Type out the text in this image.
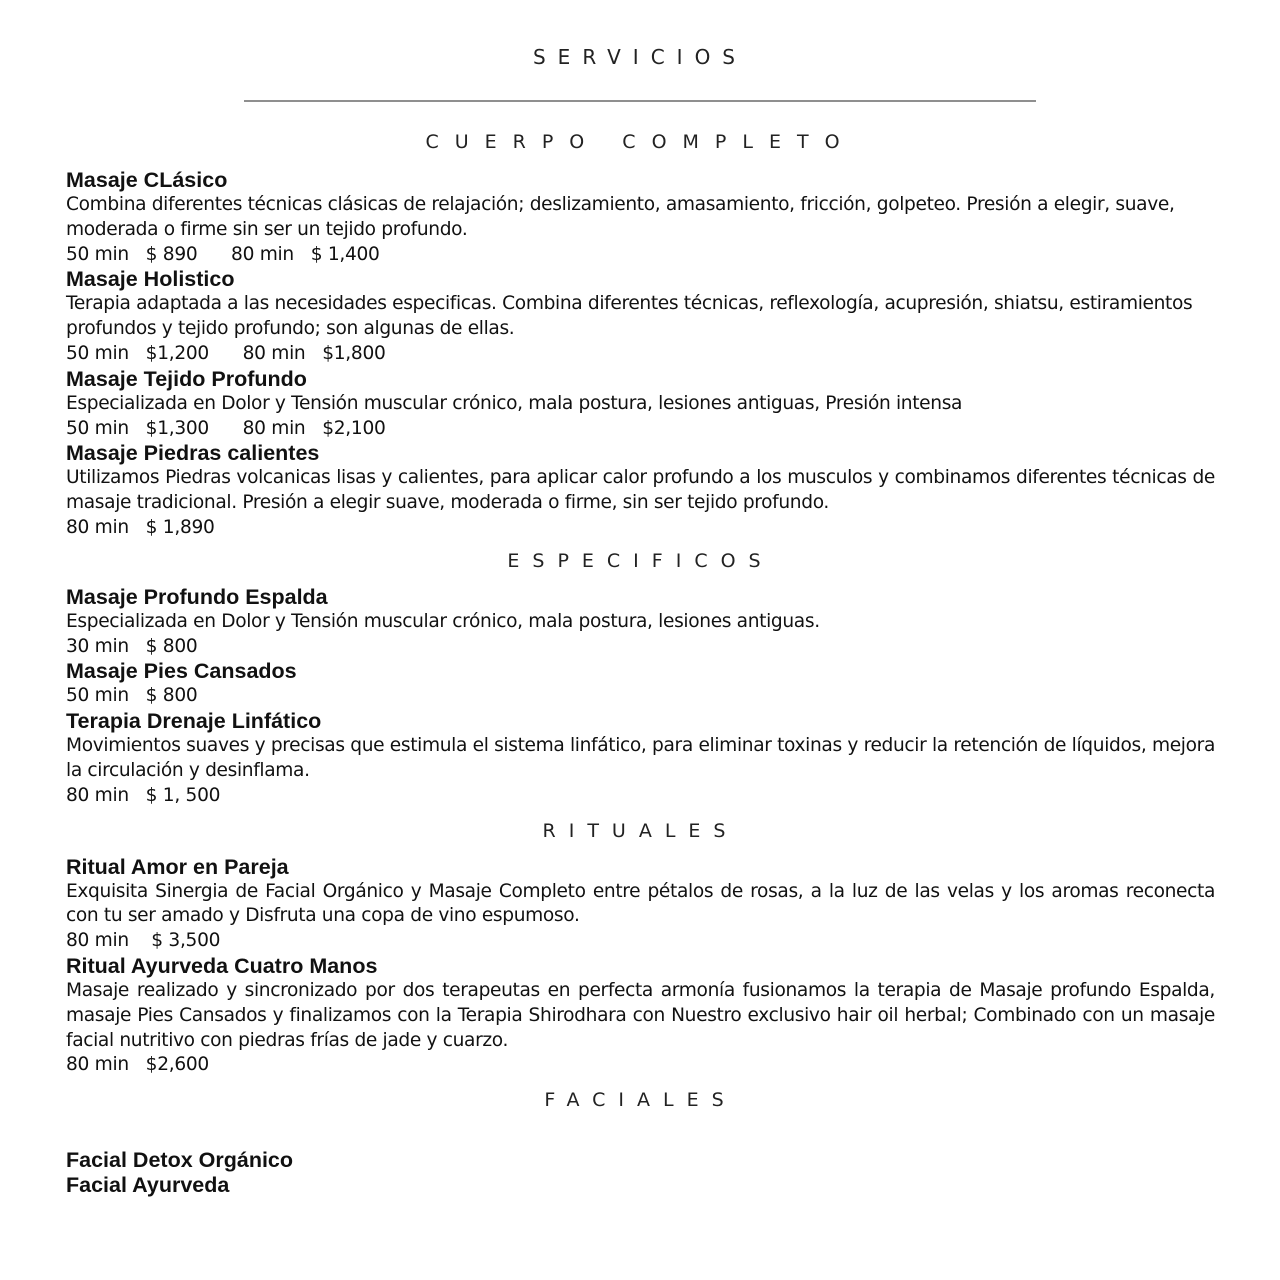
SERVICIOS
CUERPO COMPLETO

Masaje CLásico

Combina diferentes técnicas clásicas de relajación; deslizamiento, amasamiento, fricción, golpeteo. Presión a elegir, suave, moderada o firme sin ser un tejido profundo.

50 min   $ 890      80 min   $ 1,400

Masaje Holistico

Terapia adaptada a las necesidades especificas. Combina diferentes técnicas, reflexología, acupresión, shiatsu, estiramientos profundos y tejido profundo; son algunas de ellas.

50 min   $1,200      80 min   $1,800

Masaje Tejido Profundo

Especializada en Dolor y Tensión muscular crónico, mala postura, lesiones antiguas, Presión intensa

50 min   $1,300      80 min   $2,100

Masaje Piedras calientes

Utilizamos Piedras volcanicas lisas y calientes, para aplicar calor profundo a los musculos y combinamos diferentes técnicas de masaje tradicional. Presión a elegir suave, moderada o firme, sin ser tejido profundo.

80 min   $ 1,890

ESPECIFICOS

Masaje Profundo Espalda

Especializada en Dolor y Tensión muscular crónico, mala postura, lesiones antiguas.

30 min   $ 800

Masaje Pies Cansados

50 min   $ 800

Terapia Drenaje Linfático

Movimientos suaves y precisas que estimula el sistema linfático, para eliminar toxinas y reducir la retención de líquidos, mejora la circulación y desinflama.

80 min   $ 1, 500

RITUALES

Ritual Amor en Pareja

Exquisita Sinergia de Facial Orgánico y Masaje Completo entre pétalos de rosas, a la luz de las velas y los aromas reconecta con tu ser amado y Disfruta una copa de vino espumoso.

80 min    $ 3,500

Ritual Ayurveda Cuatro Manos

Masaje realizado y sincronizado por dos terapeutas en perfecta armonía fusionamos la terapia de Masaje profundo Espalda, masaje Pies Cansados y finalizamos con la Terapia Shirodhara con Nuestro exclusivo hair oil herbal; Combinado con un masaje facial nutritivo con piedras frías de jade y cuarzo.

80 min   $2,600

FACIALES

Facial Detox Orgánico

Facial Ayurveda
